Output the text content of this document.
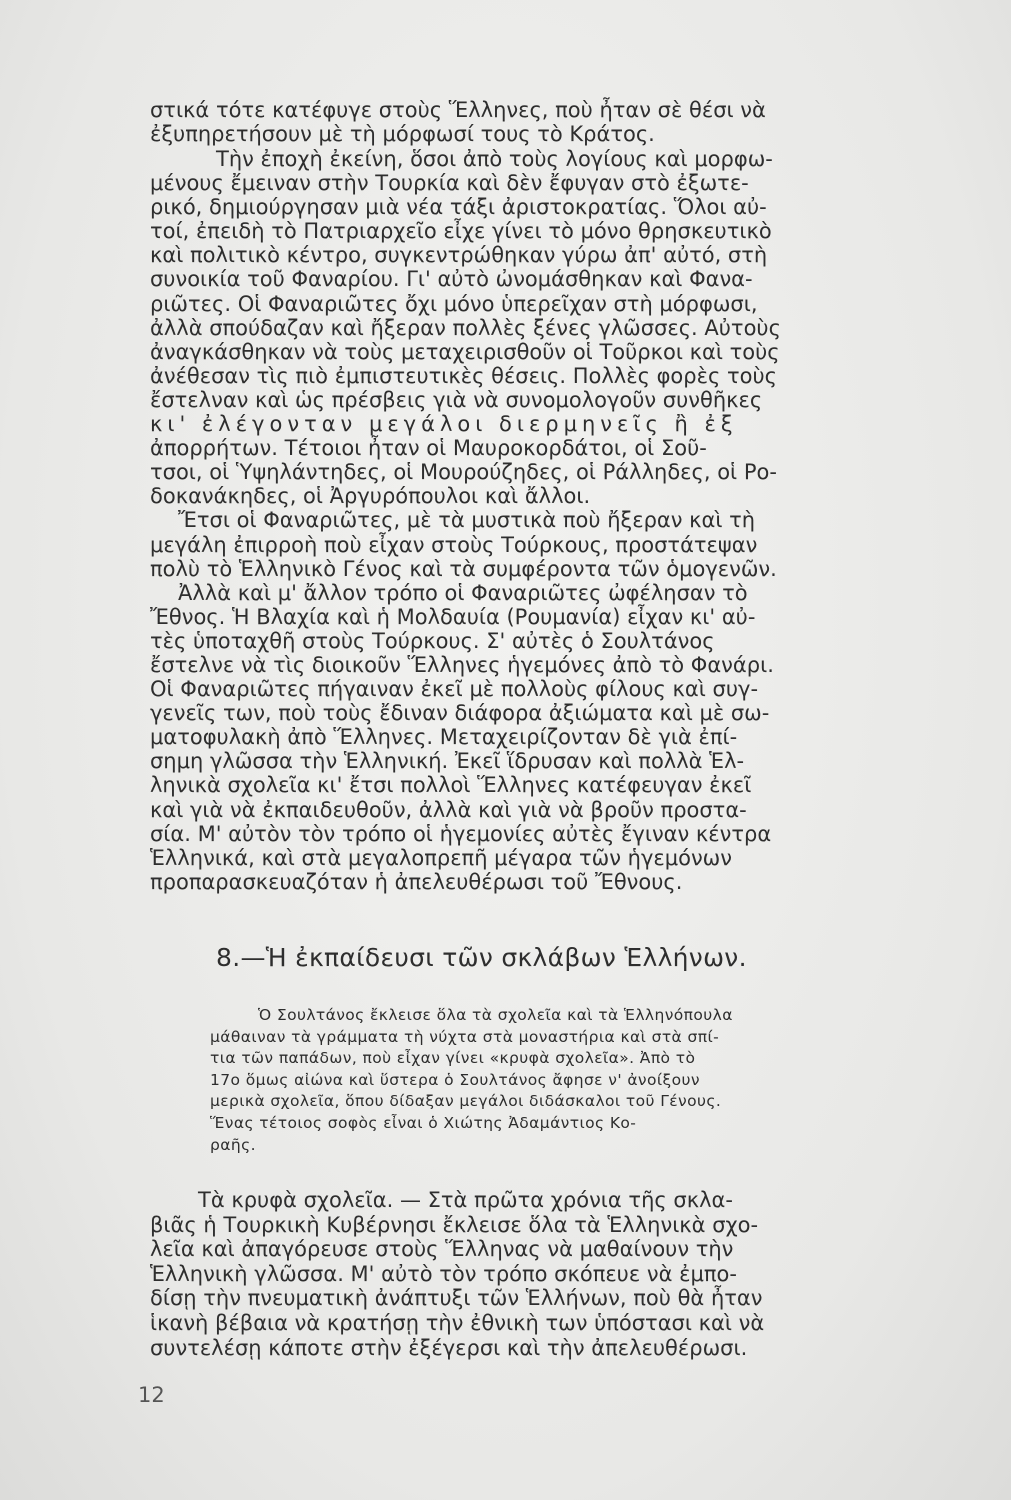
στικά τότε κατέφυγε στοὺς Ἕλληνες, ποὺ ἦταν σὲ θέσι νὰ
ἐξυπηρετήσουν μὲ τὴ μόρφωσί τους τὸ Κράτος.
Τὴν ἐποχὴ ἐκείνη, ὅσοι ἀπὸ τοὺς λογίους καὶ μορφω-
μένους ἔμειναν στὴν Τουρκία καὶ δὲν ἔφυγαν στὸ ἐξωτε-
ρικό, δημιούργησαν μιὰ νέα τάξι ἀριστοκρατίας. Ὅλοι αὐ-
τοί, ἐπειδὴ τὸ Πατριαρχεῖο εἶχε γίνει τὸ μόνο θρησκευτικὸ
καὶ πολιτικὸ κέντρο, συγκεντρώθηκαν γύρω ἀπ' αὐτό, στὴ
συνοικία τοῦ Φαναρίου. Γι' αὐτὸ ὠνομάσθηκαν καὶ Φανα-
ριῶτες. Οἱ Φαναριῶτες ὄχι μόνο ὑπερεῖχαν στὴ μόρφωσι,
ἀλλὰ σπούδαζαν καὶ ἤξεραν πολλὲς ξένες γλῶσσες. Αὐτοὺς
ἀναγκάσθηκαν νὰ τοὺς μεταχειρισθοῦν οἱ Τοῦρκοι καὶ τοὺς
ἀνέθεσαν τὶς πιὸ ἐμπιστευτικὲς θέσεις. Πολλὲς φορὲς τοὺς
ἔστελναν καὶ ὡς πρέσβεις γιὰ νὰ συνομολογοῦν συνθῆκες
κι' ἐλέγονταν μεγάλοι διερμηνεῖς ἢ ἐξ
ἀπορρήτων. Τέτοιοι ἦταν οἱ Μαυροκορδάτοι, οἱ Σοῦ-
τσοι, οἱ Ὑψηλάντηδες, οἱ Μουρούζηδες, οἱ Ράλληδες, οἱ Ρο-
δοκανάκηδες, οἱ Ἀργυρόπουλοι καὶ ἄλλοι.
Ἔτσι οἱ Φαναριῶτες, μὲ τὰ μυστικὰ ποὺ ἤξεραν καὶ τὴ
μεγάλη ἐπιρροὴ ποὺ εἶχαν στοὺς Τούρκους, προστάτεψαν
πολὺ τὸ Ἑλληνικὸ Γένος καὶ τὰ συμφέροντα τῶν ὁμογενῶν.
Ἀλλὰ καὶ μ' ἄλλον τρόπο οἱ Φαναριῶτες ὠφέλησαν τὸ
Ἔθνος. Ἡ Βλαχία καὶ ἡ Μολδαυία (Ρουμανία) εἶχαν κι' αὐ-
τὲς ὑποταχθῆ στοὺς Τούρκους. Σ' αὐτὲς ὁ Σουλτάνος
ἔστελνε νὰ τὶς διοικοῦν Ἕλληνες ἡγεμόνες ἀπὸ τὸ Φανάρι.
Οἱ Φαναριῶτες πήγαιναν ἐκεῖ μὲ πολλοὺς φίλους καὶ συγ-
γενεῖς των, ποὺ τοὺς ἔδιναν διάφορα ἀξιώματα καὶ μὲ σω-
ματοφυλακὴ ἀπὸ Ἕλληνες. Μεταχειρίζονταν δὲ γιὰ ἐπί-
σημη γλῶσσα τὴν Ἑλληνική. Ἐκεῖ ἵδρυσαν καὶ πολλὰ Ἑλ-
ληνικὰ σχολεῖα κι' ἔτσι πολλοὶ Ἕλληνες κατέφευγαν ἐκεῖ
καὶ γιὰ νὰ ἐκπαιδευθοῦν, ἀλλὰ καὶ γιὰ νὰ βροῦν προστα-
σία. Μ' αὐτὸν τὸν τρόπο οἱ ἡγεμονίες αὐτὲς ἔγιναν κέντρα
Ἑλληνικά, καὶ στὰ μεγαλοπρεπῆ μέγαρα τῶν ἡγεμόνων
προπαρασκευαζόταν ἡ ἀπελευθέρωσι τοῦ Ἔθνους.
8.—Ἡ ἐκπαίδευσι τῶν σκλάβων Ἑλλήνων.
Ὁ Σουλτάνος ἔκλεισε ὅλα τὰ σχολεῖα καὶ τὰ Ἑλληνόπουλα
μάθαιναν τὰ γράμματα τὴ νύχτα στὰ μοναστήρια καὶ στὰ σπί-
τια τῶν παπάδων, ποὺ εἶχαν γίνει «κρυφὰ σχολεῖα». Ἀπὸ τὸ
17ο ὅμως αἰώνα καὶ ὕστερα ὁ Σουλτάνος ἄφησε ν' ἀνοίξουν
μερικὰ σχολεῖα, ὅπου δίδαξαν μεγάλοι διδάσκαλοι τοῦ Γένους.
Ἕνας τέτοιος σοφὸς εἶναι ὁ Χιώτης Ἀδαμάντιος Κο-
ραῆς.
Τὰ κρυφὰ σχολεῖα. — Στὰ πρῶτα χρόνια τῆς σκλα-
βιᾶς ἡ Τουρκικὴ Κυβέρνησι ἔκλεισε ὅλα τὰ Ἑλληνικὰ σχο-
λεῖα καὶ ἀπαγόρευσε στοὺς Ἕλληνας νὰ μαθαίνουν τὴν
Ἑλληνικὴ γλῶσσα. Μ' αὐτὸ τὸν τρόπο σκόπευε νὰ ἐμπο-
δίσῃ τὴν πνευματικὴ ἀνάπτυξι τῶν Ἑλλήνων, ποὺ θὰ ἦταν
ἱκανὴ βέβαια νὰ κρατήσῃ τὴν ἐθνικὴ των ὑπόστασι καὶ νὰ
συντελέσῃ κάποτε στὴν ἐξέγερσι καὶ τὴν ἀπελευθέρωσι.
12
